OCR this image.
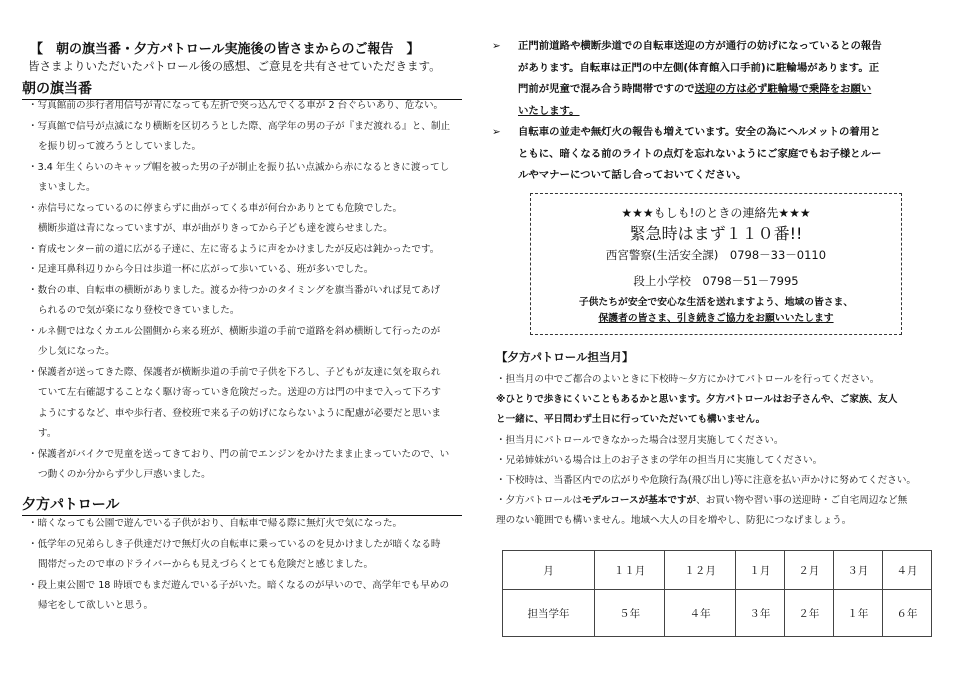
【　朝の旗当番・夕方パトロール実施後の皆さまからのご報告　】
皆さまよりいただいたパトロール後の感想、ご意見を共有させていただきます。
朝の旗当番
・写真館前の歩行者用信号が青になっても左折で突っ込んでくる車が 2 台ぐらいあり、危ない。
・写真館で信号が点滅になり横断を区切ろうとした際、高学年の男の子が『まだ渡れる』と、制止
を振り切って渡ろうとしていました。
・3.4 年生くらいのキャップ帽を被った男の子が制止を振り払い点滅から赤になるときに渡ってし
まいました。
・赤信号になっているのに停まらずに曲がってくる車が何台かありとても危険でした。
横断歩道は青になっていますが、車が曲がりきってから子ども達を渡らせました。
・育成センター前の道に広がる子達に、左に寄るように声をかけましたが反応は鈍かったです。
・足達耳鼻科辺りから今日は歩道一杯に広がって歩いている、班が多いでした。
・数台の車、自転車の横断がありました。渡るか待つかのタイミングを旗当番がいれば見てあげ
られるので気が楽になり登校できていました。
・ルネ側ではなくカエル公園側から来る班が、横断歩道の手前で道路を斜め横断して行ったのが
少し気になった。
・保護者が送ってきた際、保護者が横断歩道の手前で子供を下ろし、子どもが友達に気を取られ
ていて左右確認することなく駆け寄っていき危険だった。送迎の方は門の中まで入って下ろす
ようにするなど、車や歩行者、登校班で来る子の妨げにならないように配慮が必要だと思いま
す。
・保護者がバイクで児童を送ってきており、門の前でエンジンをかけたまま止まっていたので、い
つ動くのか分からず少し戸惑いました。
夕方パトロール
・暗くなっても公園で遊んでいる子供がおり、自転車で帰る際に無灯火で気になった。
・低学年の兄弟らしき子供達だけで無灯火の自転車に乗っているのを見かけましたが暗くなる時
間帯だったので車のドライバーからも見えづらくとても危険だと感じました。
・段上東公園で 18 時頃でもまだ遊んでいる子がいた。暗くなるのが早いので、高学年でも早めの
帰宅をして欲しいと思う。
➢ 正門前道路や横断歩道での自転車送迎の方が通行の妨げになっているとの報告
があります。自転車は正門の中左側(体育館入口手前)に駐輪場があります。正
門前が児童で混み合う時間帯ですので送迎の方は必ず駐輪場で乗降をお願い
いたします。
➢ 自転車の並走や無灯火の報告も増えています。安全の為にヘルメットの着用と
ともに、暗くなる前のライトの点灯を忘れないようにご家庭でもお子様とルー
ルやマナーについて話し合っておいてください。
★★★もしも!のときの連絡先★★★
緊急時はまず１１０番!!
西宮警察(生活安全課)　0798－33－0110
段上小学校　0798－51－7995
子供たちが安全で安心な生活を送れますよう、地域の皆さま、
保護者の皆さま、引き続きご協力をお願いいたします
【夕方パトロール担当月】
・担当月の中でご都合のよいときに下校時～夕方にかけてパトロールを行ってください。
※ひとりで歩きにくいこともあるかと思います。夕方パトロールはお子さんや、ご家族、友人
と一緒に、平日問わず土日に行っていただいても構いません。
・担当月にパトロールできなかった場合は翌月実施してください。
・兄弟姉妹がいる場合は上のお子さまの学年の担当月に実施してください。
・下校時は、当番区内での広がりや危険行為(飛び出し)等に注意を払い声かけに努めてください。
・夕方パトロールはモデルコースが基本ですが、お買い物や習い事の送迎時・ご自宅周辺など無
理のない範囲でも構いません。地域へ大人の目を増やし、防犯につなげましょう。
月	１１月	１２月	１月	２月	３月	４月
担当学年	５年	４年	３年	２年	１年	６年
